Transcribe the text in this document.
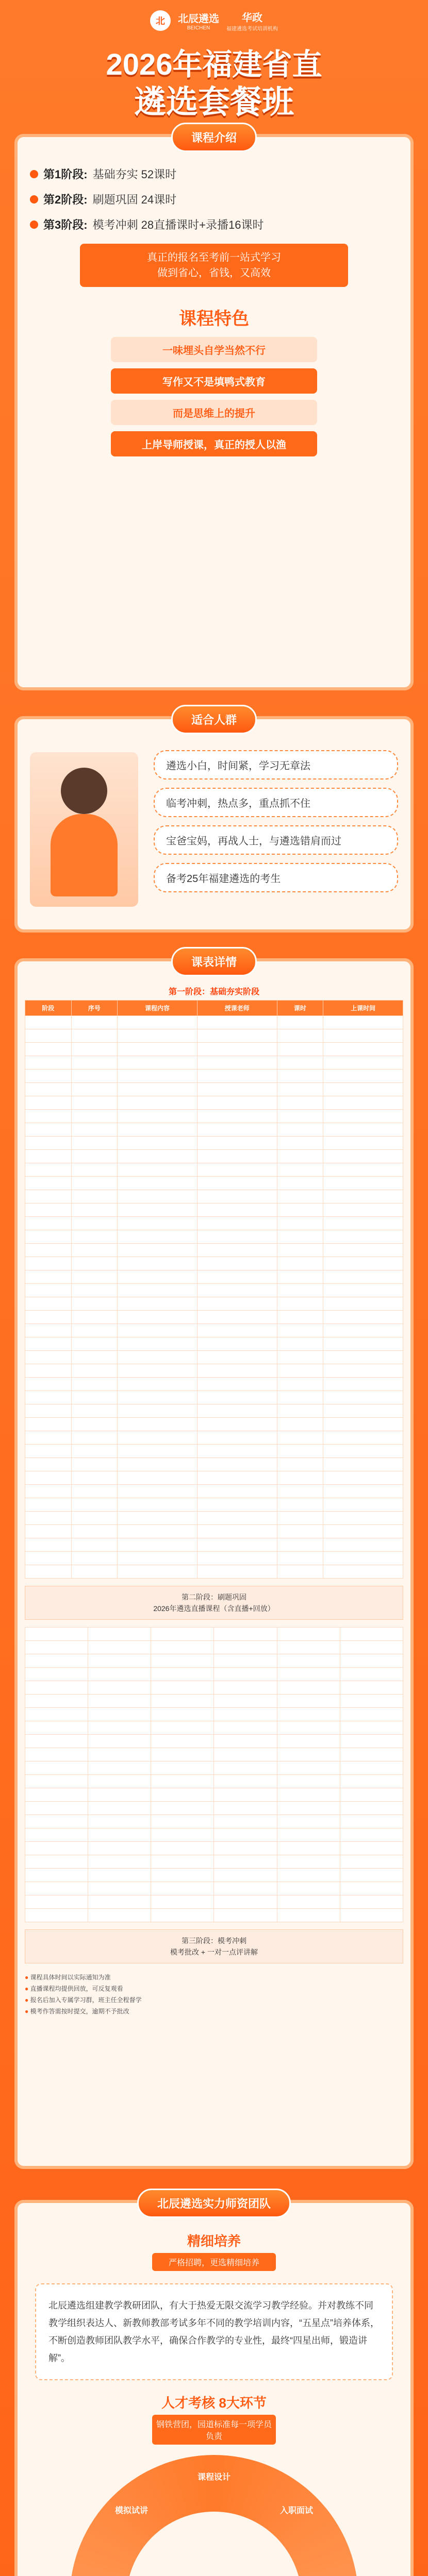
北	北辰遴选
BEICHEN
华政
福建遴选考试培训机构
2026年福建省直
遴选套餐班
课程介绍
第1阶段: 基础夯实 52课时
第2阶段: 刷题巩固 24课时
第3阶段: 模考冲刺 28直播课时+录播16课时
真正的报名至考前一站式学习
做到省心，省钱，又高效
课程特色
一味埋头自学当然不行
写作又不是填鸭式教育
而是思维上的提升
上岸导师授课，真正的授人以渔
适合人群
遴选小白，时间紧，学习无章法
临考冲刺，热点多，重点抓不住
宝爸宝妈，再战人士，与遴选错肩而过
备考25年福建遴选的考生
课表详情
第一阶段：基础夯实阶段
阶段	序号	课程内容	授课老师	课时	上课时间

第二阶段：刷题巩固
2026年遴选直播课程（含直播+回放）

第三阶段：模考冲刺
模考批改 + 一对一点评讲解

● 课程具体时间以实际通知为准

● 直播课程均提供回放，可反复观看

● 报名后加入专属学习群，班主任全程督学

● 模考作答需按时提交，逾期不予批改

北辰遴选实力师资团队
精细培养
严格招聘，更选精细培养
北辰遴选组建教学教研团队，有大于热爱无限交流学习教学经验。并对教练不同教学组织表达人、新教师教部考试多年不同的教学培训内容，“五星点”培养体系，不断创造教师团队教学水平，确保合作教学的专业性，最终“四星出师，锻造讲解”。
人才考核 8大环节
钢铁营团，园道标准每一项学员负责
课程设计
入职面试
模拟试讲
